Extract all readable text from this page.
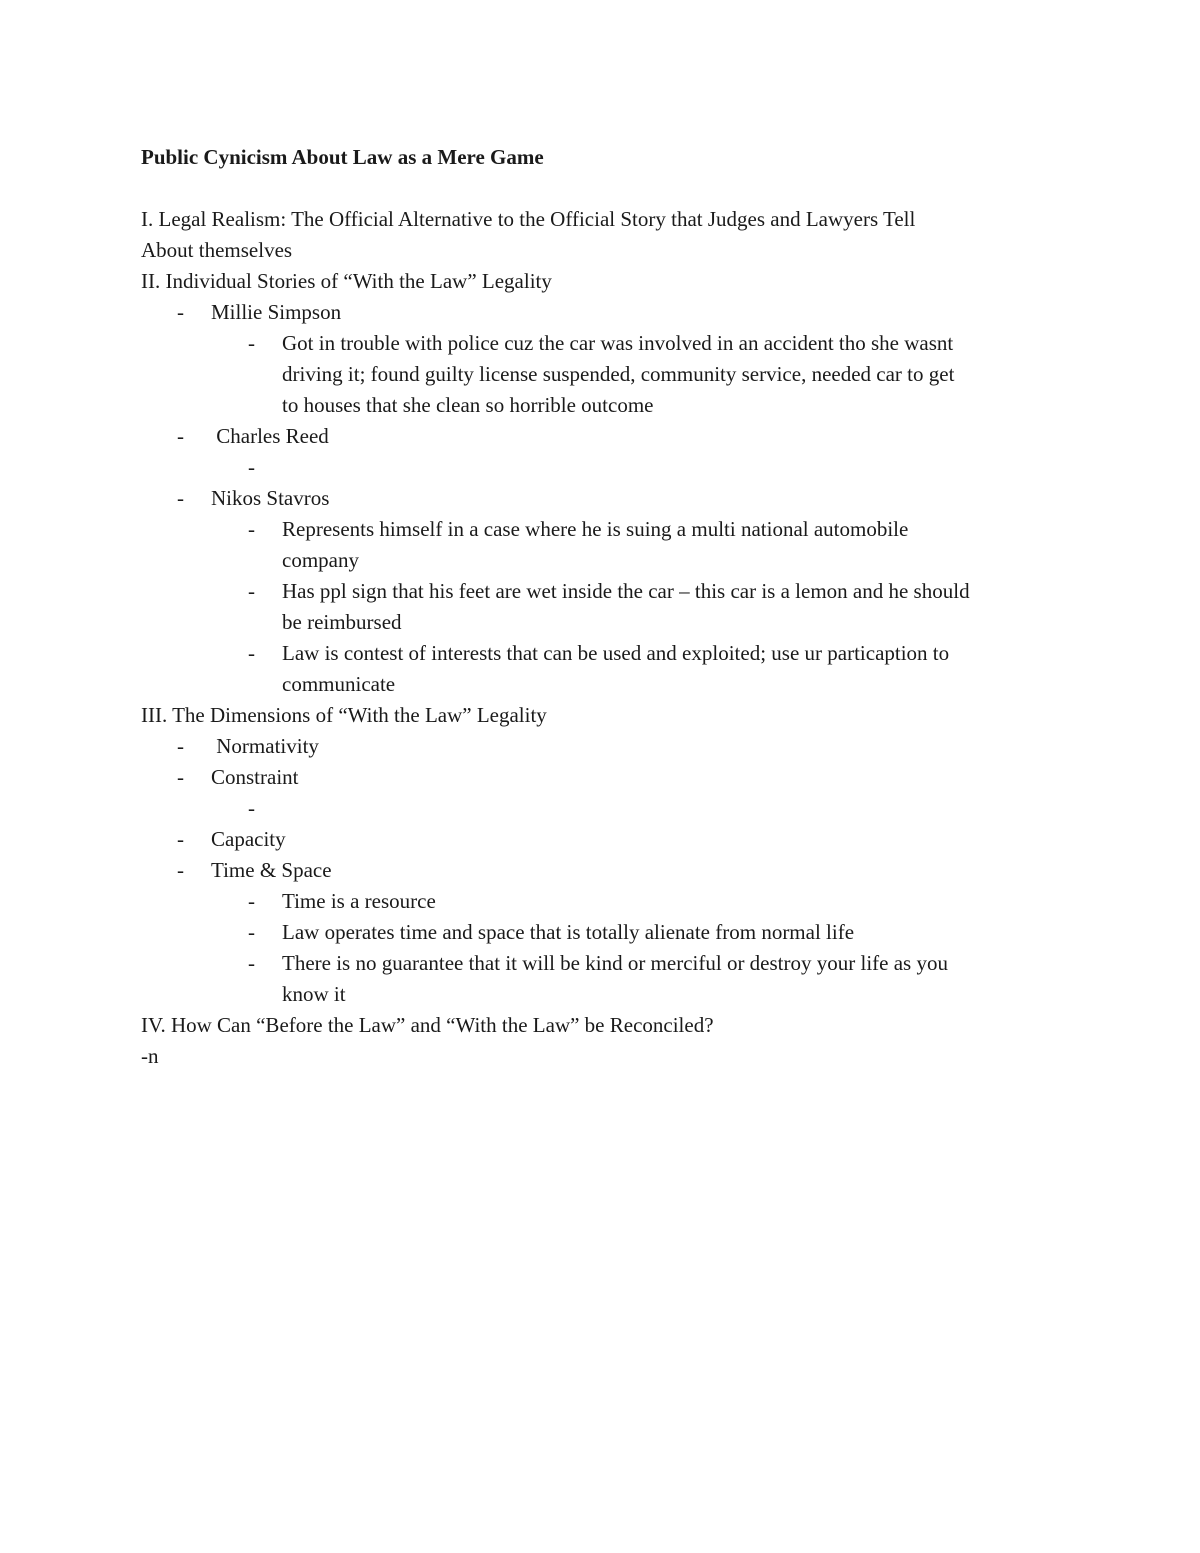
Public Cynicism About Law as a Mere Game
I. Legal Realism: The Official Alternative to the Official Story that Judges and Lawyers Tell
About themselves
II. Individual Stories of “With the Law” Legality
- Millie Simpson
- Got in trouble with police cuz the car was involved in an accident tho she wasnt
driving it; found guilty license suspended, community service, needed car to get
to houses that she clean so horrible outcome
- Charles Reed
-
- Nikos Stavros
- Represents himself in a case where he is suing a multi national automobile
company
- Has ppl sign that his feet are wet inside the car – this car is a lemon and he should
be reimbursed
- Law is contest of interests that can be used and exploited; use ur particaption to
communicate
III. The Dimensions of “With the Law” Legality
- Normativity
- Constraint
-
- Capacity
- Time & Space
- Time is a resource
- Law operates time and space that is totally alienate from normal life
- There is no guarantee that it will be kind or merciful or destroy your life as you
know it
IV. How Can “Before the Law” and “With the Law” be Reconciled?
-n
